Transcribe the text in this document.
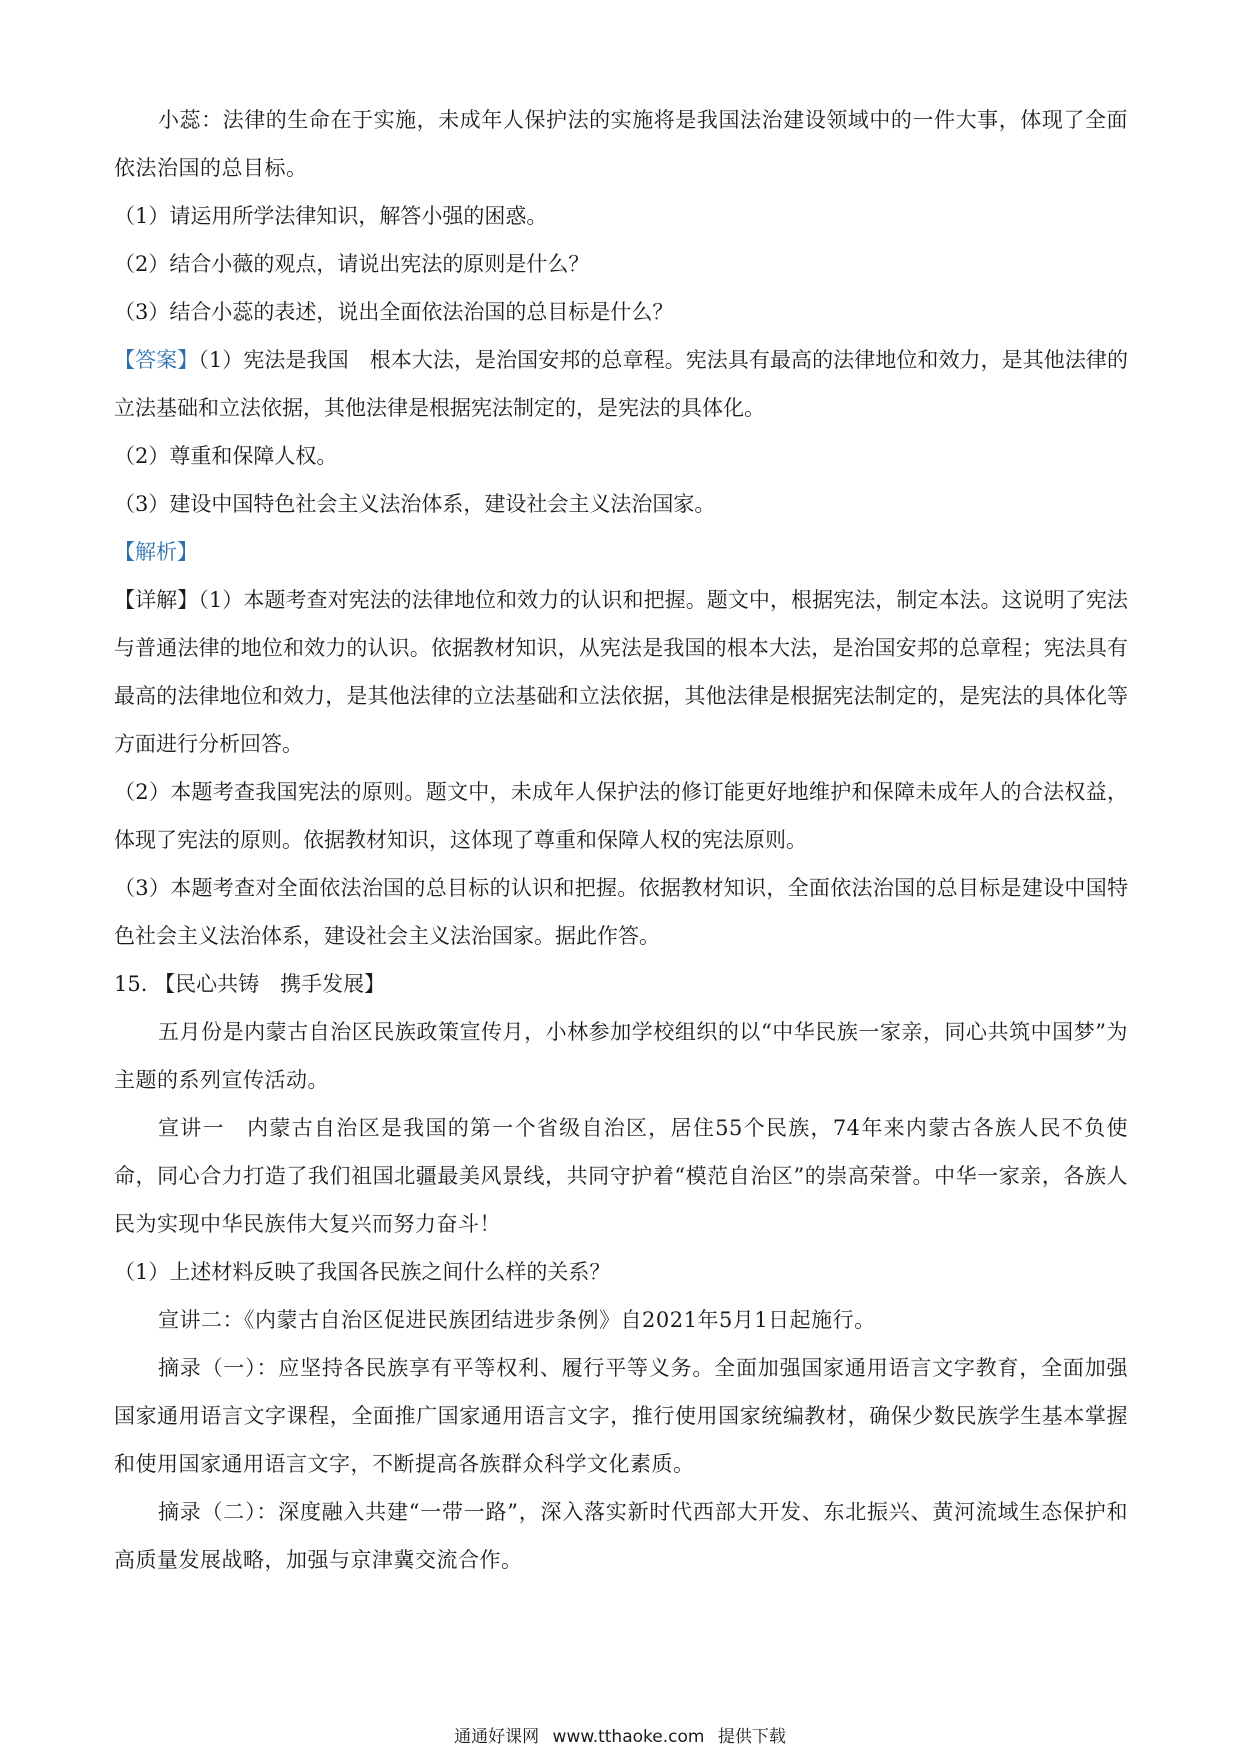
小蕊：法律的生命在于实施，未成年人保护法的实施将是我国法治建设领域中的一件大事，体现了全面依法治国的总目标。

（1）请运用所学法律知识，解答小强的困惑。

（2）结合小薇的观点，请说出宪法的原则是什么？

（3）结合小蕊的表述，说出全面依法治国的总目标是什么？

【答案】（1）宪法是我国　根本大法，是治国安邦的总章程。宪法具有最高的法律地位和效力，是其他法律的立法基础和立法依据，其他法律是根据宪法制定的，是宪法的具体化。

（2）尊重和保障人权。

（3）建设中国特色社会主义法治体系，建设社会主义法治国家。

【解析】

【详解】（1）本题考查对宪法的法律地位和效力的认识和把握。题文中，根据宪法，制定本法。这说明了宪法与普通法律的地位和效力的认识。依据教材知识，从宪法是我国的根本大法，是治国安邦的总章程；宪法具有最高的法律地位和效力，是其他法律的立法基础和立法依据，其他法律是根据宪法制定的，是宪法的具体化等方面进行分析回答。

（2）本题考查我国宪法的原则。题文中，未成年人保护法的修订能更好地维护和保障未成年人的合法权益，体现了宪法的原则。依据教材知识，这体现了尊重和保障人权的宪法原则。

（3）本题考查对全面依法治国的总目标的认识和把握。依据教材知识，全面依法治国的总目标是建设中国特色社会主义法治体系，建设社会主义法治国家。据此作答。

15. 【民心共铸　携手发展】

五月份是内蒙古自治区民族政策宣传月，小林参加学校组织的以“中华民族一家亲，同心共筑中国梦”为主题的系列宣传活动。

宣讲一　内蒙古自治区是我国的第一个省级自治区，居住55个民族，74年来内蒙古各族人民不负使命，同心合力打造了我们祖国北疆最美风景线，共同守护着“模范自治区”的崇高荣誉。中华一家亲，各族人民为实现中华民族伟大复兴而努力奋斗！

（1）上述材料反映了我国各民族之间什么样的关系？

宣讲二：《内蒙古自治区促进民族团结进步条例》自2021年5月1日起施行。

摘录（一）：应坚持各民族享有平等权利、履行平等义务。全面加强国家通用语言文字教育，全面加强国家通用语言文字课程，全面推广国家通用语言文字，推行使用国家统编教材，确保少数民族学生基本掌握和使用国家通用语言文字，不断提高各族群众科学文化素质。

摘录（二）：深度融入共建“一带一路”，深入落实新时代西部大开发、东北振兴、黄河流域生态保护和高质量发展战略，加强与京津冀交流合作。

通通好课网 www.tthaoke.com 提供下载
